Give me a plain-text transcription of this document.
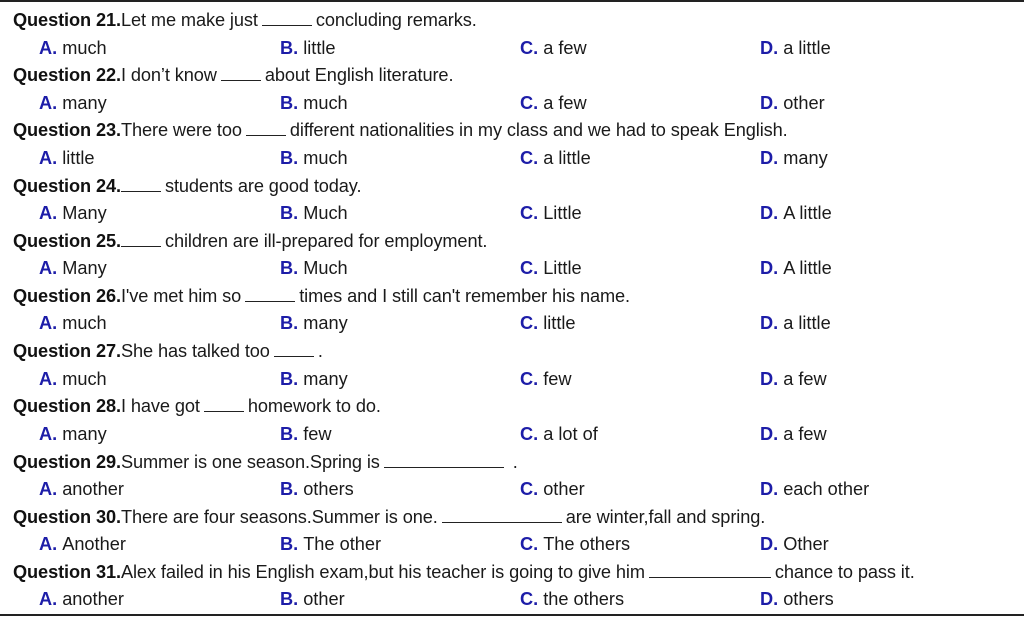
Question 21.Let me make just	concluding remarks.
A. much	B. little	C. a few	D. a little
Question 22.I don’t know	about English literature.
A. many	B. much	C. a few	D. other
Question 23.There were too	different nationalities in my class and we had to speak English.
A. little	B. much	C. a little	D. many
Question 24. students are good today.
A. Many	B. Much	C. Little	D. A little
Question 25. children are ill-prepared for employment.
A. Many	B. Much	C. Little	D. A little
Question 26.I've met him so	times and I still can't remember his name.
A. much	B. many	C. little	D. a little
Question 27.She has talked too	.
A. much	B. many	C. few	D. a few
Question 28.I have got	homework to do.
A. many	B. few	C. a lot of	D. a few
Question 29.Summer is one season.Spring is	.
A. another	B. others	C. other	D. each other
Question 30.There are four seasons.Summer is one.	are winter,fall and spring.
A. Another	B. The other	C. The others	D. Other
Question 31.Alex failed in his English exam,but his teacher is going to give him	chance to pass it.
A. another	B. other	C. the others	D. others
